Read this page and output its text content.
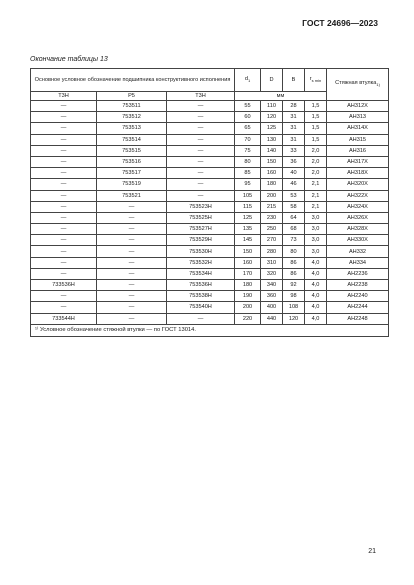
ГОСТ 24696—2023
Окончание таблицы 13
Основное условное обозначение подшипника конструктивного исполнения			$d_1$	D	B	$r_{s min}$	Стяжная втулка$^{1)}$
Т3Н	Р5	Т3Н	мм				
—	753511	—	55	110	28	1,5	АН312Х
—	753512	—	60	120	31	1,5	АН313
—	753513	—	65	125	31	1,5	АН314Х
—	753514	—	70	130	31	1,5	АН315
—	753515	—	75	140	33	2,0	АН316
—	753516	—	80	150	36	2,0	АН317Х
—	753517	—	85	160	40	2,0	АН318Х
—	753519	—	95	180	46	2,1	АН320Х
—	753521	—	105	200	53	2,1	АН322Х
—	—	753523Н	115	215	58	2,1	АН324Х
—	—	753525Н	125	230	64	3,0	АН326Х
—	—	753527Н	135	250	68	3,0	АН328Х
—	—	753529Н	145	270	73	3,0	АН330Х
—	—	753530Н	150	280	80	3,0	АН332
—	—	753532Н	160	310	86	4,0	АН334
—	—	753534Н	170	320	86	4,0	АН2236
733536Н	—	753536Н	180	340	92	4,0	АН2238
—	—	753538Н	190	360	98	4,0	АН2240
—	—	753540Н	200	400	108	4,0	АН2244
733544Н	—	—	220	440	120	4,0	АН2248
¹⁾ Условное обозначение стяжной втулки — по ГОСТ 13014.							
21
